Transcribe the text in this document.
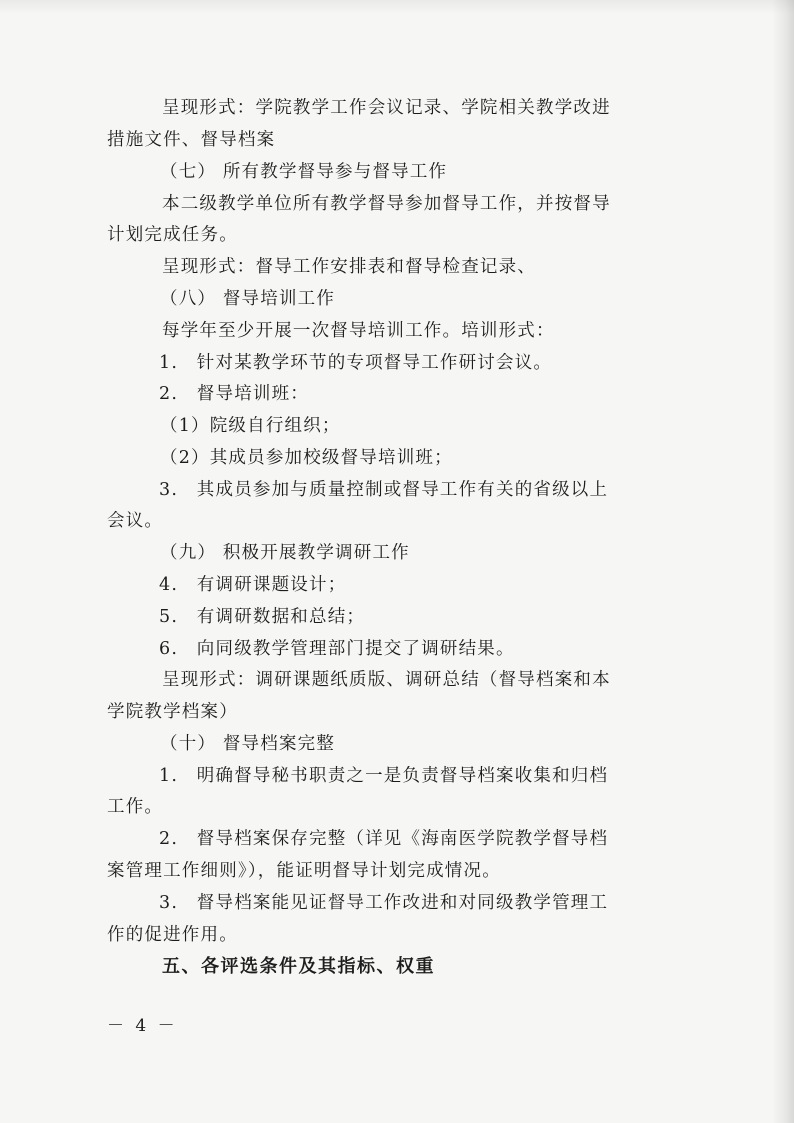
呈现形式：学院教学工作会议记录、学院相关教学改进
措施文件、督导档案
（七） 所有教学督导参与督导工作
本二级教学单位所有教学督导参加督导工作，并按督导
计划完成任务。
呈现形式：督导工作安排表和督导检查记录、
（八） 督导培训工作
每学年至少开展一次督导培训工作。培训形式：
1.　针对某教学环节的专项督导工作研讨会议。
2.　督导培训班：
（1）院级自行组织；
（2）其成员参加校级督导培训班；
3.　其成员参加与质量控制或督导工作有关的省级以上
会议。
（九） 积极开展教学调研工作
4.　有调研课题设计；
5.　有调研数据和总结；
6.　向同级教学管理部门提交了调研结果。
呈现形式：调研课题纸质版、调研总结（督导档案和本
学院教学档案）
（十） 督导档案完整
1.　明确督导秘书职责之一是负责督导档案收集和归档
工作。
2.　督导档案保存完整（详见《海南医学院教学督导档
案管理工作细则》），能证明督导计划完成情况。
3.　督导档案能见证督导工作改进和对同级教学管理工
作的促进作用。
五、各评选条件及其指标、权重
－ 4 －
